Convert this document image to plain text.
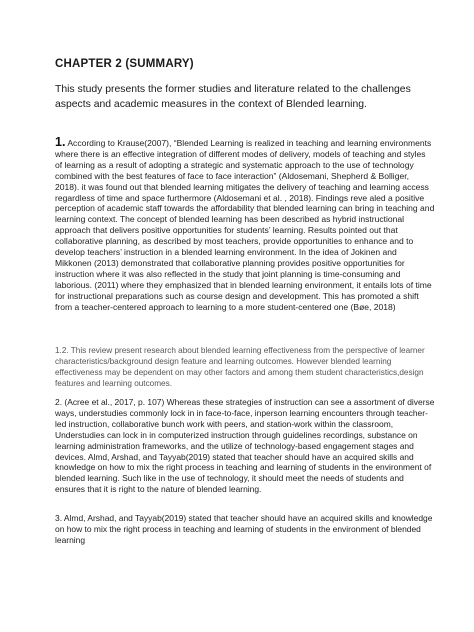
CHAPTER 2 (SUMMARY)

This study presents the former studies and literature related to the challenges aspects and academic measures in the context of Blended learning.

1. According to Krause(2007), “Blended Learning is realized in teaching and learning environments where there is an effective integration of different modes of delivery, models of teaching and styles of learning as a result of adopting a strategic and systematic approach to the use of technology combined with the best features of face to face interaction” (Aldosemani, Shepherd & Bolliger, 2018). it was found out that blended learning mitigates the delivery of teaching and learning access regardless of time and space furthermore (Aldosemani et al. , 2018). Findings reve aled a positive perception of academic staff towards the affordability that blended learning can bring in teaching and learning context. The concept of blended learning has been described as hybrid instructional approach that delivers positive opportunities for students’ learning. Results pointed out that collaborative planning, as described by most teachers, provide opportunities to enhance and to develop teachers’ instruction in a blended learning environment. In the idea of Jokinen and Mikkonen (2013) demonstrated that collaborative planning provides positive opportunities for instruction where it was also reflected in the study that joint planning is time-consuming and laborious. (2011) where they emphasized that in blended learning environment, it entails lots of time for instructional preparations such as course design and development. This has promoted a shift from a teacher-centered approach to learning to a more student-centered one (Bøe, 2018)

1.2. This review present research about blended learning effectiveness from the perspective of learner characteristics/background design feature and learning outcomes. However blended learning effectiveness may be dependent on may other factors and among them student characteristics,design features and learning outcomes.

2. (Acree et al., 2017, p. 107) Whereas these strategies of instruction can see a assortment of diverse ways, understudies commonly lock in in face-to-face, inperson learning encounters through teacher-led instruction, collaborative bunch work with peers, and station-work within the classroom, Understudies can lock in in computerized instruction through guidelines recordings, substance on learning administration frameworks, and the utilize of technology-based engagement stages and devices. Almd, Arshad, and Tayyab(2019) stated that teacher should have an acquired skills and knowledge on how to mix the right process in teaching and learning of students in the environment of blended learning. Such like in the use of technology, it should meet the needs of students and ensures that it is right to the nature of blended learning.

3. Almd, Arshad, and Tayyab(2019) stated that teacher should have an acquired skills and knowledge on how to mix the right process in teaching and learning of students in the environment of blended learning
